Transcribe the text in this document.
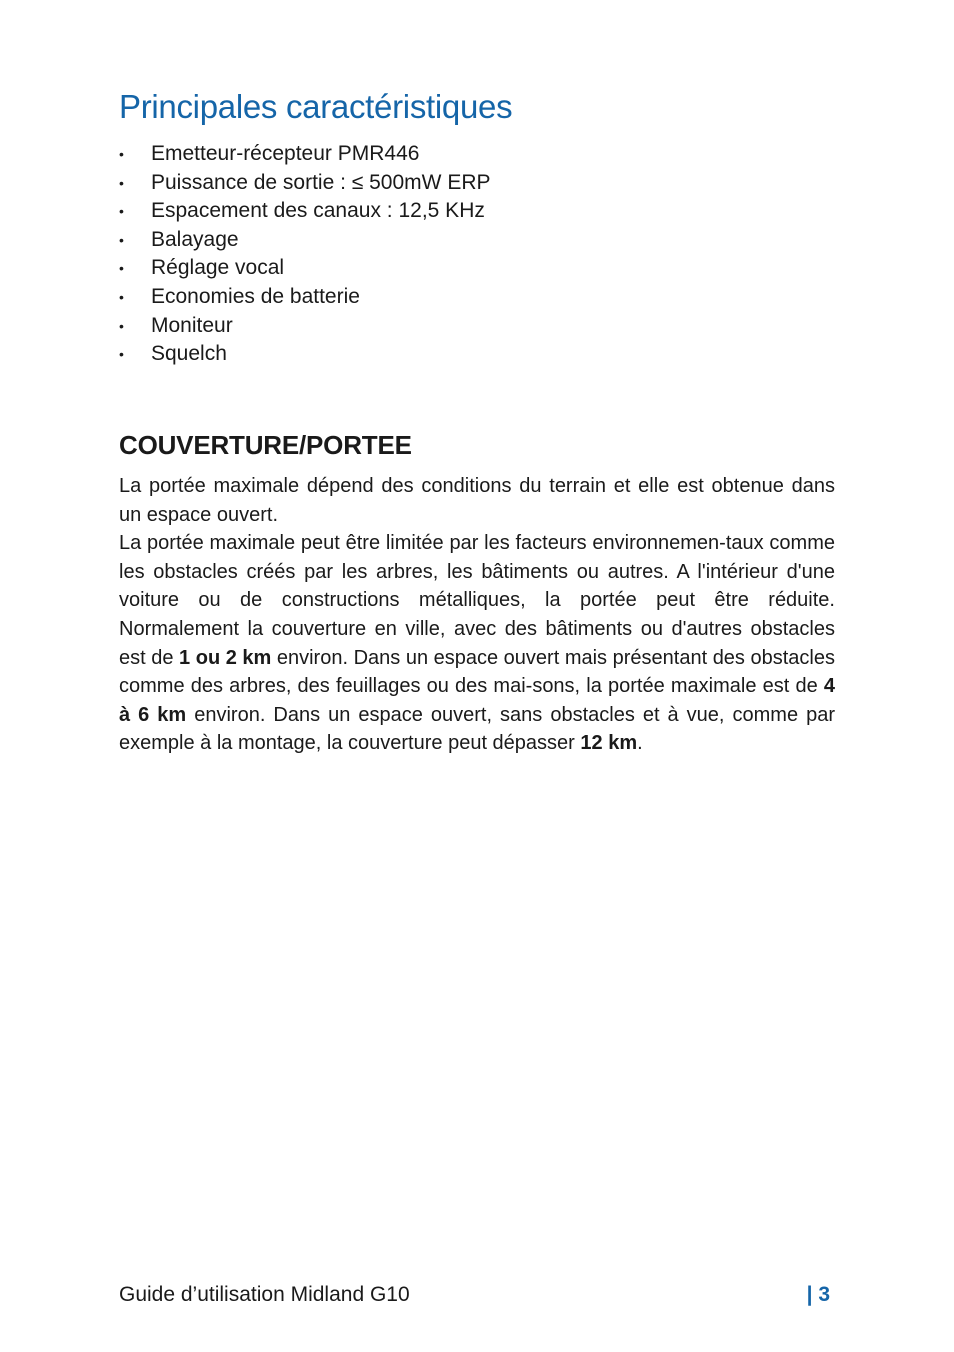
Principales caractéristiques
• Emetteur-récepteur PMR446
• Puissance de sortie : ≤ 500mW ERP
• Espacement des canaux : 12,5 KHz
• Balayage
• Réglage vocal
• Economies de batterie
• Moniteur
• Squelch
COUVERTURE/PORTEE

La portée maximale dépend des conditions du terrain et elle est obtenue dans un espace ouvert.

La portée maximale peut être limitée par les facteurs environnemen-taux comme les obstacles créés par les arbres, les bâtiments ou autres. A l'intérieur d'une voiture ou de constructions métalliques, la portée peut être réduite. Normalement la couverture en ville, avec des bâtiments ou d'autres obstacles est de 1 ou 2 km environ. Dans un espace ouvert mais présentant des obstacles comme des arbres, des feuillages ou des mai-sons, la portée maximale est de 4 à 6 km environ. Dans un espace ouvert, sans obstacles et à vue, comme par exemple à la montage, la couverture peut dépasser 12 km.

Guide d’utilisation Midland G10	| 3
